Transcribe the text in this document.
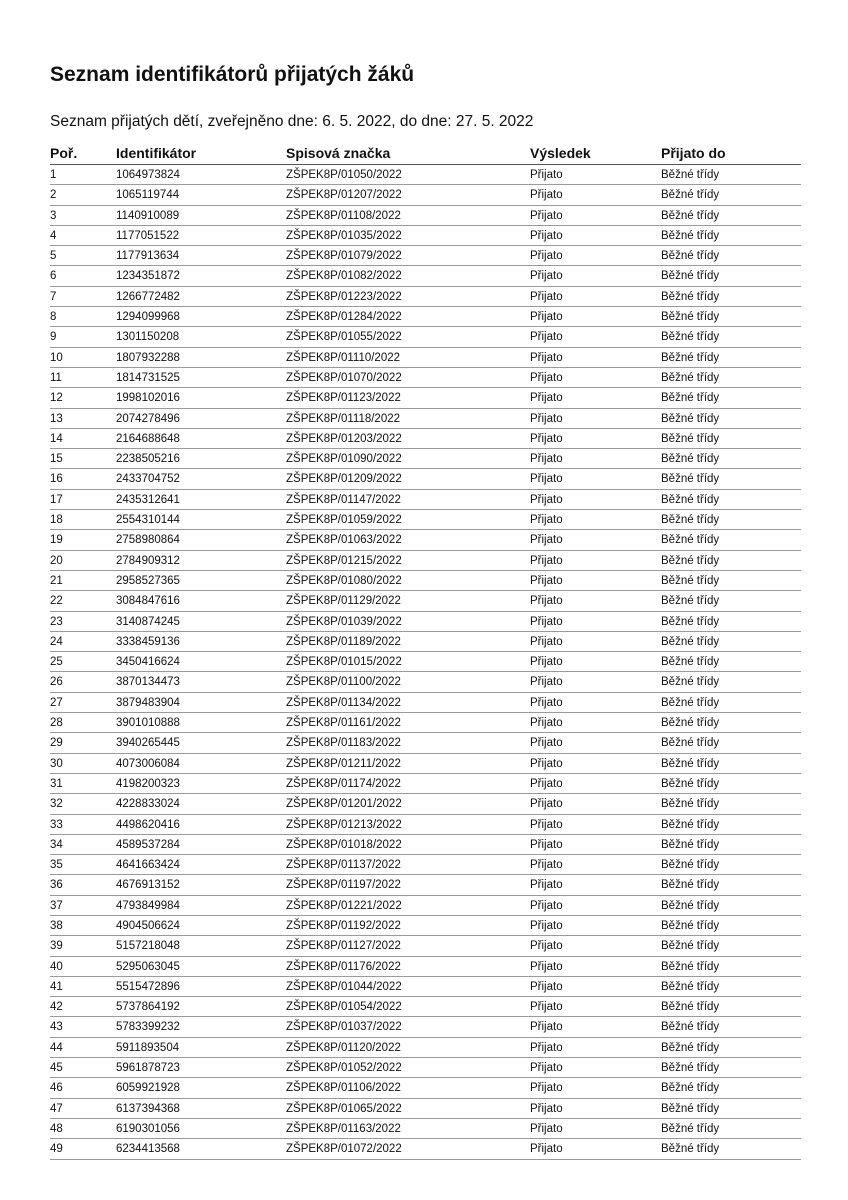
Seznam identifikátorů přijatých žáků
Seznam přijatých dětí, zveřejněno dne: 6. 5. 2022, do dne: 27. 5. 2022
Poř.	Identifikátor	Spisová značka	Výsledek	Přijato do
1	1064973824	ZŠPEK8P/01050/2022	Přijato	Běžné třídy
2	1065119744	ZŠPEK8P/01207/2022	Přijato	Běžné třídy
3	1140910089	ZŠPEK8P/01108/2022	Přijato	Běžné třídy
4	1177051522	ZŠPEK8P/01035/2022	Přijato	Běžné třídy
5	1177913634	ZŠPEK8P/01079/2022	Přijato	Běžné třídy
6	1234351872	ZŠPEK8P/01082/2022	Přijato	Běžné třídy
7	1266772482	ZŠPEK8P/01223/2022	Přijato	Běžné třídy
8	1294099968	ZŠPEK8P/01284/2022	Přijato	Běžné třídy
9	1301150208	ZŠPEK8P/01055/2022	Přijato	Běžné třídy
10	1807932288	ZŠPEK8P/01110/2022	Přijato	Běžné třídy
11	1814731525	ZŠPEK8P/01070/2022	Přijato	Běžné třídy
12	1998102016	ZŠPEK8P/01123/2022	Přijato	Běžné třídy
13	2074278496	ZŠPEK8P/01118/2022	Přijato	Běžné třídy
14	2164688648	ZŠPEK8P/01203/2022	Přijato	Běžné třídy
15	2238505216	ZŠPEK8P/01090/2022	Přijato	Běžné třídy
16	2433704752	ZŠPEK8P/01209/2022	Přijato	Běžné třídy
17	2435312641	ZŠPEK8P/01147/2022	Přijato	Běžné třídy
18	2554310144	ZŠPEK8P/01059/2022	Přijato	Běžné třídy
19	2758980864	ZŠPEK8P/01063/2022	Přijato	Běžné třídy
20	2784909312	ZŠPEK8P/01215/2022	Přijato	Běžné třídy
21	2958527365	ZŠPEK8P/01080/2022	Přijato	Běžné třídy
22	3084847616	ZŠPEK8P/01129/2022	Přijato	Běžné třídy
23	3140874245	ZŠPEK8P/01039/2022	Přijato	Běžné třídy
24	3338459136	ZŠPEK8P/01189/2022	Přijato	Běžné třídy
25	3450416624	ZŠPEK8P/01015/2022	Přijato	Běžné třídy
26	3870134473	ZŠPEK8P/01100/2022	Přijato	Běžné třídy
27	3879483904	ZŠPEK8P/01134/2022	Přijato	Běžné třídy
28	3901010888	ZŠPEK8P/01161/2022	Přijato	Běžné třídy
29	3940265445	ZŠPEK8P/01183/2022	Přijato	Běžné třídy
30	4073006084	ZŠPEK8P/01211/2022	Přijato	Běžné třídy
31	4198200323	ZŠPEK8P/01174/2022	Přijato	Běžné třídy
32	4228833024	ZŠPEK8P/01201/2022	Přijato	Běžné třídy
33	4498620416	ZŠPEK8P/01213/2022	Přijato	Běžné třídy
34	4589537284	ZŠPEK8P/01018/2022	Přijato	Běžné třídy
35	4641663424	ZŠPEK8P/01137/2022	Přijato	Běžné třídy
36	4676913152	ZŠPEK8P/01197/2022	Přijato	Běžné třídy
37	4793849984	ZŠPEK8P/01221/2022	Přijato	Běžné třídy
38	4904506624	ZŠPEK8P/01192/2022	Přijato	Běžné třídy
39	5157218048	ZŠPEK8P/01127/2022	Přijato	Běžné třídy
40	5295063045	ZŠPEK8P/01176/2022	Přijato	Běžné třídy
41	5515472896	ZŠPEK8P/01044/2022	Přijato	Běžné třídy
42	5737864192	ZŠPEK8P/01054/2022	Přijato	Běžné třídy
43	5783399232	ZŠPEK8P/01037/2022	Přijato	Běžné třídy
44	5911893504	ZŠPEK8P/01120/2022	Přijato	Běžné třídy
45	5961878723	ZŠPEK8P/01052/2022	Přijato	Běžné třídy
46	6059921928	ZŠPEK8P/01106/2022	Přijato	Běžné třídy
47	6137394368	ZŠPEK8P/01065/2022	Přijato	Běžné třídy
48	6190301056	ZŠPEK8P/01163/2022	Přijato	Běžné třídy
49	6234413568	ZŠPEK8P/01072/2022	Přijato	Běžné třídy
